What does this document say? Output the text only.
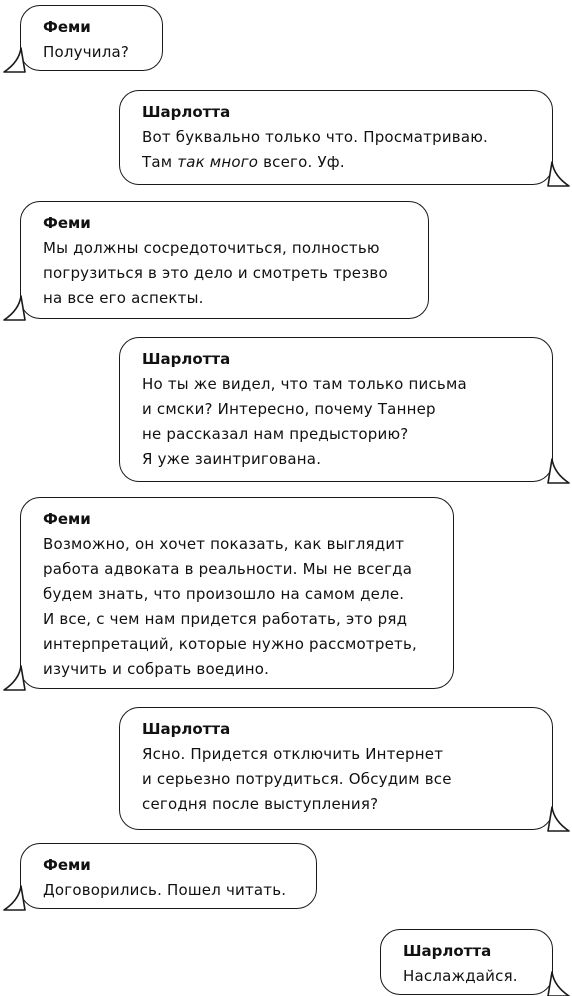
Феми
Получила?
Шарлотта
Вот буквально только что. Просматриваю.
Там так много всего. Уф.
Феми
Мы должны сосредоточиться, полностью
погрузиться в это дело и смотреть трезво
на все его аспекты.
Шарлотта
Но ты же видел, что там только письма
и смски? Интересно, почему Таннер
не рассказал нам предысторию?
Я уже заинтригована.
Феми
Возможно, он хочет показать, как выглядит
работа адвоката в реальности. Мы не всегда
будем знать, что произошло на самом деле.
И все, с чем нам придется работать, это ряд
интерпретаций, которые нужно рассмотреть,
изучить и собрать воедино.
Шарлотта
Ясно. Придется отключить Интернет
и серьезно потрудиться. Обсудим все
сегодня после выступления?
Феми
Договорились. Пошел читать.
Шарлотта
Наслаждайся.
